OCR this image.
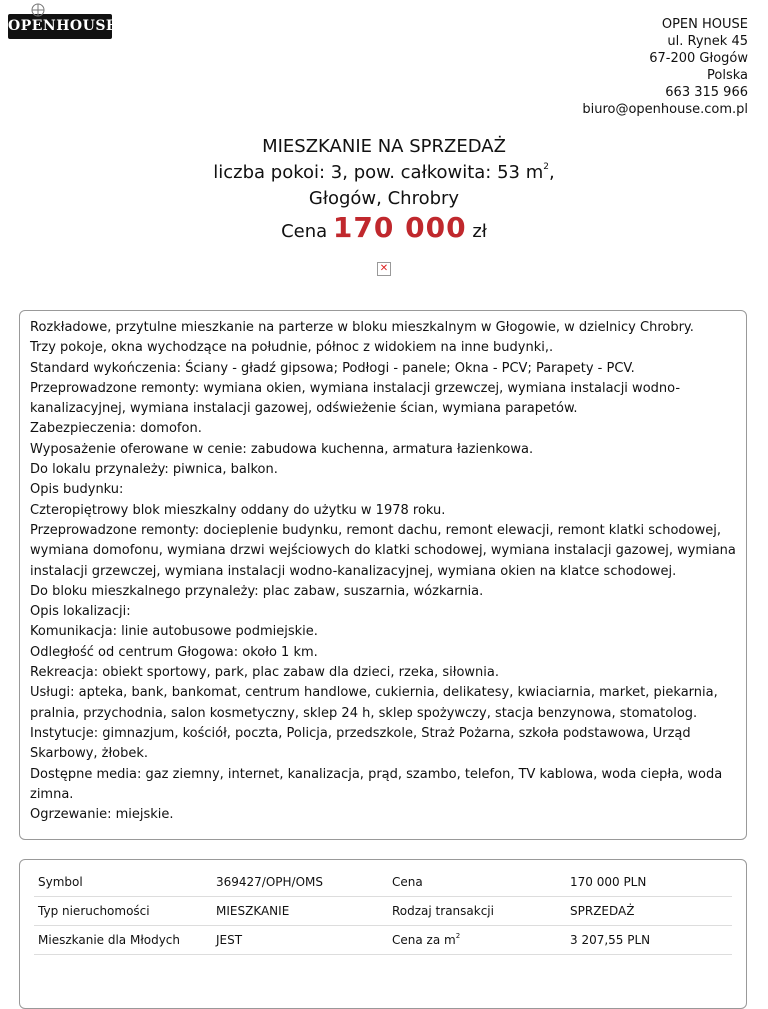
OPENHOUSE	OPEN HOUSE
ul. Rynek 45
67-200 Głogów
Polska
663 315 966
biuro@openhouse.com.pl
MIESZKANIE NA SPRZEDAŻ
liczba pokoi: 3, pow. całkowita: 53 $m^2$,
Głogów, Chrobry
Cena 170 000 zł
✕

Rozkładowe, przytulne mieszkanie na parterze w bloku mieszkalnym w Głogowie, w dzielnicy Chrobry.

Trzy pokoje, okna wychodzące na południe, północ z widokiem na inne budynki,.

Standard wykończenia: Ściany - gładź gipsowa; Podłogi - panele; Okna - PCV; Parapety - PCV.

Przeprowadzone remonty: wymiana okien, wymiana instalacji grzewczej, wymiana instalacji wodno-kanalizacyjnej, wymiana instalacji gazowej, odświeżenie ścian, wymiana parapetów.

Zabezpieczenia: domofon.

Wyposażenie oferowane w cenie: zabudowa kuchenna, armatura łazienkowa.

Do lokalu przynależy: piwnica, balkon.

Opis budynku:

Czteropiętrowy blok mieszkalny oddany do użytku w 1978 roku.

Przeprowadzone remonty: docieplenie budynku, remont dachu, remont elewacji, remont klatki schodowej, wymiana domofonu, wymiana drzwi wejściowych do klatki schodowej, wymiana instalacji gazowej, wymiana instalacji grzewczej, wymiana instalacji wodno-kanalizacyjnej, wymiana okien na klatce schodowej.

Do bloku mieszkalnego przynależy: plac zabaw, suszarnia, wózkarnia.

Opis lokalizacji:

Komunikacja: linie autobusowe podmiejskie.

Odległość od centrum Głogowa: około 1 km.

Rekreacja: obiekt sportowy, park, plac zabaw dla dzieci, rzeka, siłownia.

Usługi: apteka, bank, bankomat, centrum handlowe, cukiernia, delikatesy, kwiaciarnia, market, piekarnia, pralnia, przychodnia, salon kosmetyczny, sklep 24 h, sklep spożywczy, stacja benzynowa, stomatolog.

Instytucje: gimnazjum, kościół, poczta, Policja, przedszkole, Straż Pożarna, szkoła podstawowa, Urząd Skarbowy, żłobek.

Dostępne media: gaz ziemny, internet, kanalizacja, prąd, szambo, telefon, TV kablowa, woda ciepła, woda zimna.

Ogrzewanie: miejskie.

Symbol	369427/OPH/OMS	Cena	170 000 PLN
Typ nieruchomości	MIESZKANIE	Rodzaj transakcji	SPRZEDAŻ
Mieszkanie dla Młodych	JEST	Cena za $m^2$	3 207,55 PLN
